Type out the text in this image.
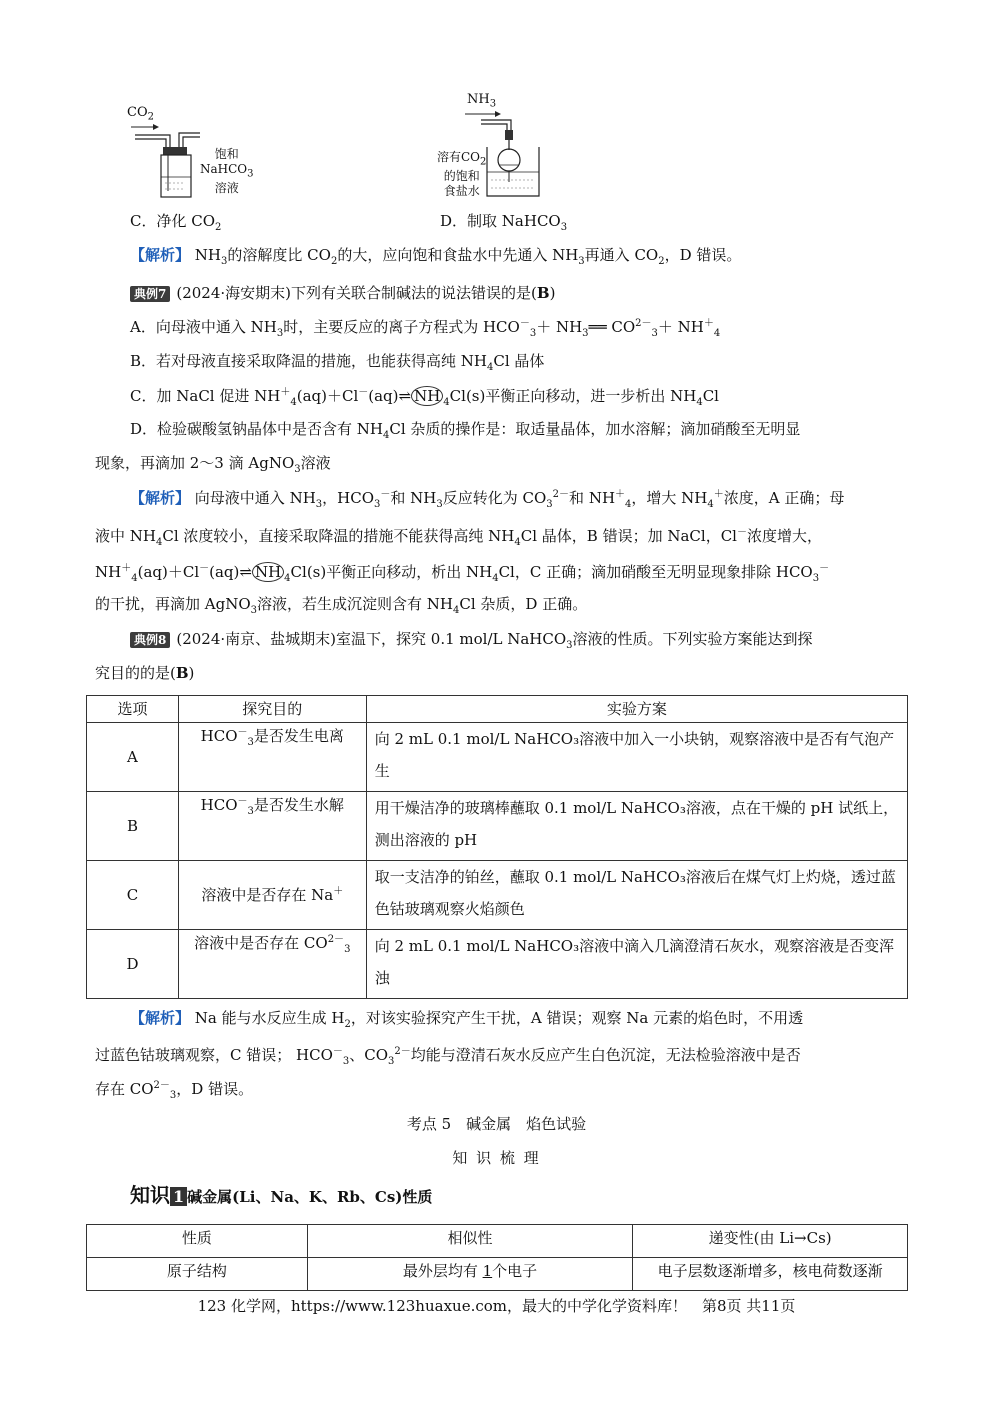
$CO_2$
饱和
NaHCO$_3$
溶液
$NH_3$
溶有$CO_2$
的饱和
食盐水
C．净化 $CO_2$	D．制取 NaHCO$_3$
【解析】 $NH_3$的溶解度比 $CO_2$的大，应向饱和食盐水中先通入 $NH_3$再通入 $CO_2$，D 错误。
典例7 (2024·海安期末)下列有关联合制碱法的说法错误的是(B)
A．向母液中通入 $NH_3$时，主要反应的离子方程式为 $HCO^-_3+$ $NH_3══$ $CO^{2-}_3+ NH^+_4$
B．若对母液直接采取降温的措施，也能获得高纯 $NH_4Cl$ 晶体
C．加 NaCl 促进 $NH^+_4(aq)+Cl^-(aq)\rightleftharpoons$ NH $_4$Cl(s)平衡正向移动，进一步析出 $NH_4Cl$
D．检验碳酸氢钠晶体中是否含有 $NH_4Cl$ 杂质的操作是：取适量晶体，加水溶解；滴加硝酸至无明显
现象，再滴加 2～3 滴 AgNO$_3$溶液
【解析】 向母液中通入 $NH_3$，$HCO_3^-$和 $NH_3$反应转化为 $CO_3^{2-}$和 $NH^+_4$，增大 $NH_4^+$浓度，A 正确；母
液中 $NH_4Cl$ 浓度较小，直接采取降温的措施不能获得高纯 $NH_4Cl$ 晶体，B 错误；加 NaCl，Cl－浓度增大，
$NH^+_4(aq)+Cl^-(aq)\rightleftharpoons$ NH $_4$Cl(s)平衡正向移动，析出 $NH_4Cl$，C 正确；滴加硝酸至无明显现象排除 $HCO_3^-$
的干扰，再滴加 AgNO$_3$溶液，若生成沉淀则含有 $NH_4Cl$ 杂质，D 正确。
典例8 (2024·南京、盐城期末)室温下，探究 0.1 mol/L NaHCO$_3$溶液的性质。下列实验方案能达到探
究目的的是(B)
选项	探究目的	实验方案
A	$HCO^-_3$是否发生电离	向 2 mL 0.1 mol/L NaHCO₃溶液中加入一小块钠，观察溶液中是否有气泡产生
B	$HCO^-_3$是否发生水解	用干燥洁净的玻璃棒蘸取 0.1 mol/L NaHCO₃溶液，点在干燥的 pH 试纸上，测出溶液的 pH
C	溶液中是否存在 Na＋	取一支洁净的铂丝，蘸取 0.1 mol/L NaHCO₃溶液后在煤气灯上灼烧，透过蓝色钴玻璃观察火焰颜色
D	溶液中是否存在 $CO^{2-}_3$	向 2 mL 0.1 mol/L NaHCO₃溶液中滴入几滴澄清石灰水，观察溶液是否变浑浊
【解析】 Na 能与水反应生成 $H_2$，对该实验探究产生干扰，A 错误；观察 Na 元素的焰色时，不用透
过蓝色钴玻璃观察，C 错误； $HCO^-_3$、$CO_3^{2-}$均能与澄清石灰水反应产生白色沉淀，无法检验溶液中是否
存在 $CO^{2-}_3$，D 错误。
考点 5　碱金属　焰色试验
知 识 梳 理
知识 1 碱金属(Li、Na、K、Rb、Cs)性质
性质	相似性	递变性(由 Li→Cs)
原子结构	最外层均有 1个电子	电子层数逐渐增多，核电荷数逐渐
123 化学网，https://www.123huaxue.com，最大的中学化学资料库！　第8页 共11页
